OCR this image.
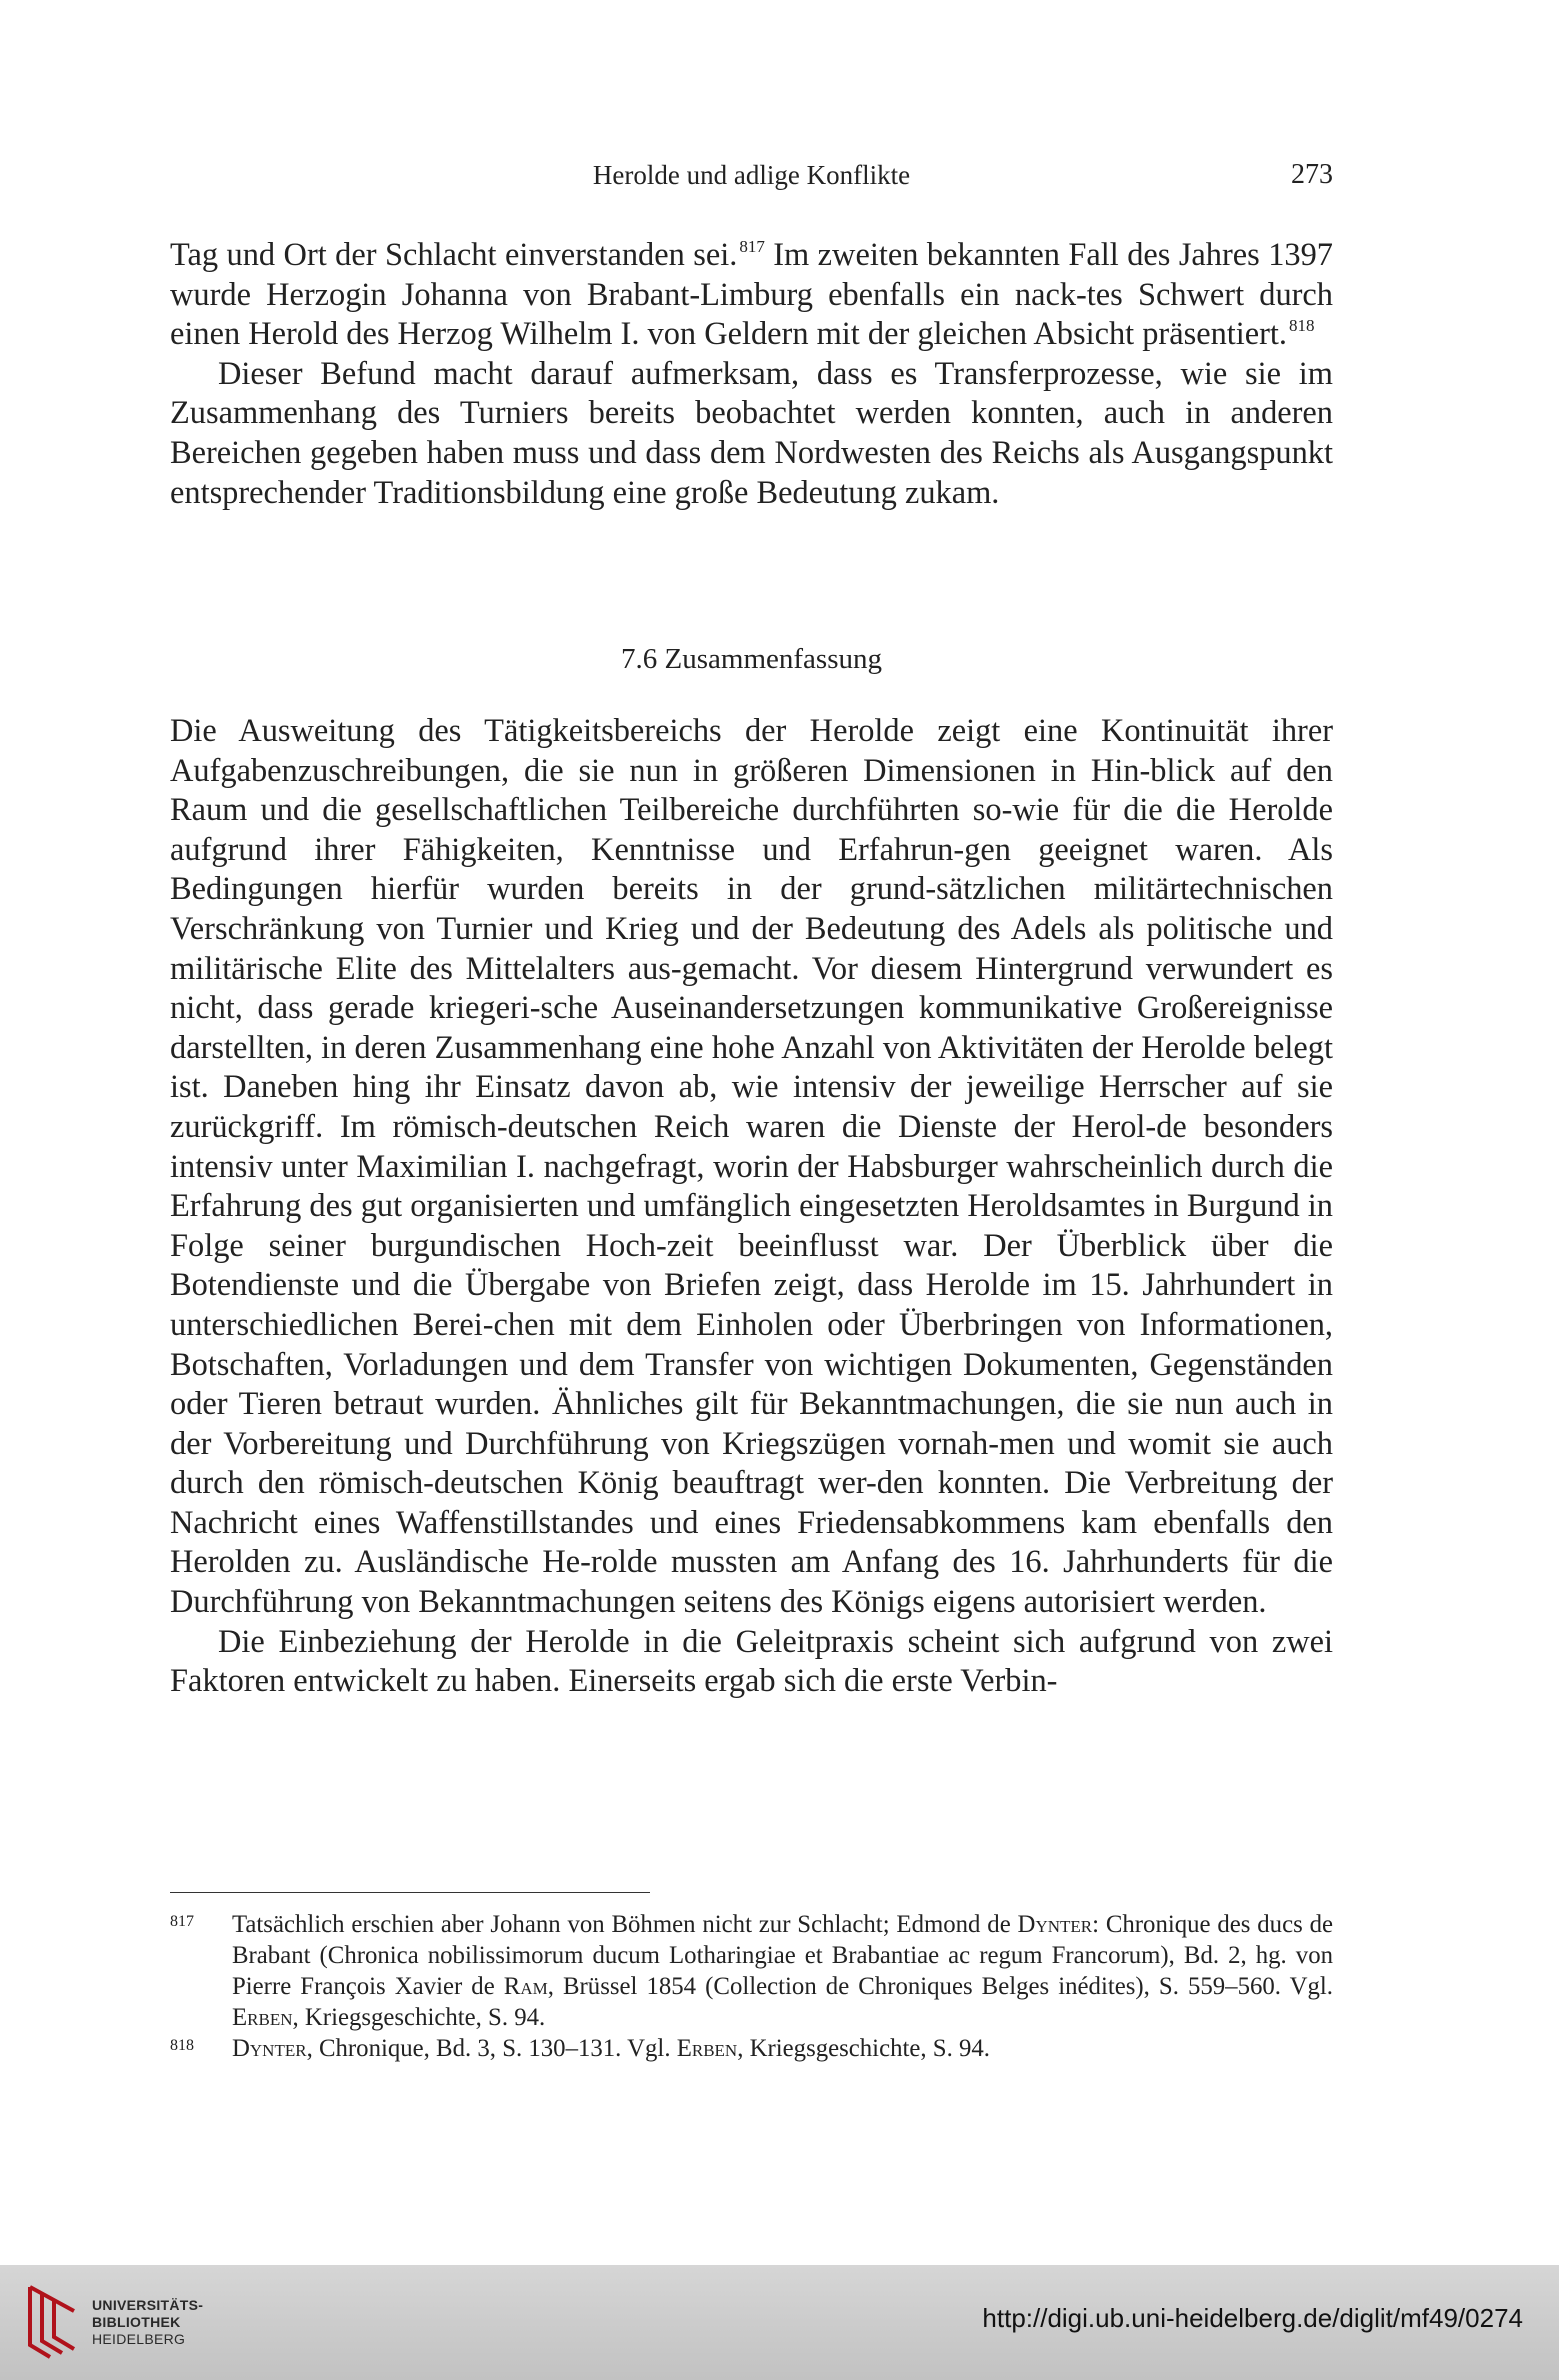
Herolde und adlige Konflikte	273

Tag und Ort der Schlacht einverstanden sei. $^{817}$ Im zweiten bekannten Fall des Jahres 1397 wurde Herzogin Johanna von Brabant-Limburg ebenfalls ein nack-tes Schwert durch einen Herold des Herzog Wilhelm I. von Geldern mit der gleichen Absicht präsentiert. $^{818}$

Dieser Befund macht darauf aufmerksam, dass es Transferprozesse, wie sie im Zusammenhang des Turniers bereits beobachtet werden konnten, auch in anderen Bereichen gegeben haben muss und dass dem Nordwesten des Reichs als Ausgangspunkt entsprechender Traditionsbildung eine große Bedeutung zukam.

7.6 Zusammenfassung

Die Ausweitung des Tätigkeitsbereichs der Herolde zeigt eine Kontinuität ihrer Aufgabenzuschreibungen, die sie nun in größeren Dimensionen in Hin-blick auf den Raum und die gesellschaftlichen Teilbereiche durchführten so-wie für die die Herolde aufgrund ihrer Fähigkeiten, Kenntnisse und Erfahrun-gen geeignet waren. Als Bedingungen hierfür wurden bereits in der grund-sätzlichen militärtechnischen Verschränkung von Turnier und Krieg und der Bedeutung des Adels als politische und militärische Elite des Mittelalters aus-gemacht. Vor diesem Hintergrund verwundert es nicht, dass gerade kriegeri-sche Auseinandersetzungen kommunikative Großereignisse darstellten, in deren Zusammenhang eine hohe Anzahl von Aktivitäten der Herolde belegt ist. Daneben hing ihr Einsatz davon ab, wie intensiv der jeweilige Herrscher auf sie zurückgriff. Im römisch-deutschen Reich waren die Dienste der Herol-de besonders intensiv unter Maximilian I. nachgefragt, worin der Habsburger wahrscheinlich durch die Erfahrung des gut organisierten und umfänglich eingesetzten Heroldsamtes in Burgund in Folge seiner burgundischen Hoch-zeit beeinflusst war. Der Überblick über die Botendienste und die Übergabe von Briefen zeigt, dass Herolde im 15. Jahrhundert in unterschiedlichen Berei-chen mit dem Einholen oder Überbringen von Informationen, Botschaften, Vorladungen und dem Transfer von wichtigen Dokumenten, Gegenständen oder Tieren betraut wurden. Ähnliches gilt für Bekanntmachungen, die sie nun auch in der Vorbereitung und Durchführung von Kriegszügen vornah-men und womit sie auch durch den römisch-deutschen König beauftragt wer-den konnten. Die Verbreitung der Nachricht eines Waffenstillstandes und eines Friedensabkommens kam ebenfalls den Herolden zu. Ausländische He-rolde mussten am Anfang des 16. Jahrhunderts für die Durchführung von Bekanntmachungen seitens des Königs eigens autorisiert werden.

Die Einbeziehung der Herolde in die Geleitpraxis scheint sich aufgrund von zwei Faktoren entwickelt zu haben. Einerseits ergab sich die erste Verbin-

817 Tatsächlich erschien aber Johann von Böhmen nicht zur Schlacht; Edmond de Dynter: Chronique des ducs de Brabant (Chronica nobilissimorum ducum Lotharingiae et Brabantiae ac regum Francorum), Bd. 2, hg. von Pierre François Xavier de Ram, Brüssel 1854 (Collection de Chroniques Belges inédites), S. 559–560. Vgl. Erben, Kriegsgeschichte, S. 94.
818 Dynter, Chronique, Bd. 3, S. 130–131. Vgl. Erben, Kriegsgeschichte, S. 94.
UNIVERSITÄTS-
BIBLIOTHEK
HEIDELBERG
http://digi.ub.uni-heidelberg.de/diglit/mf49/0274
